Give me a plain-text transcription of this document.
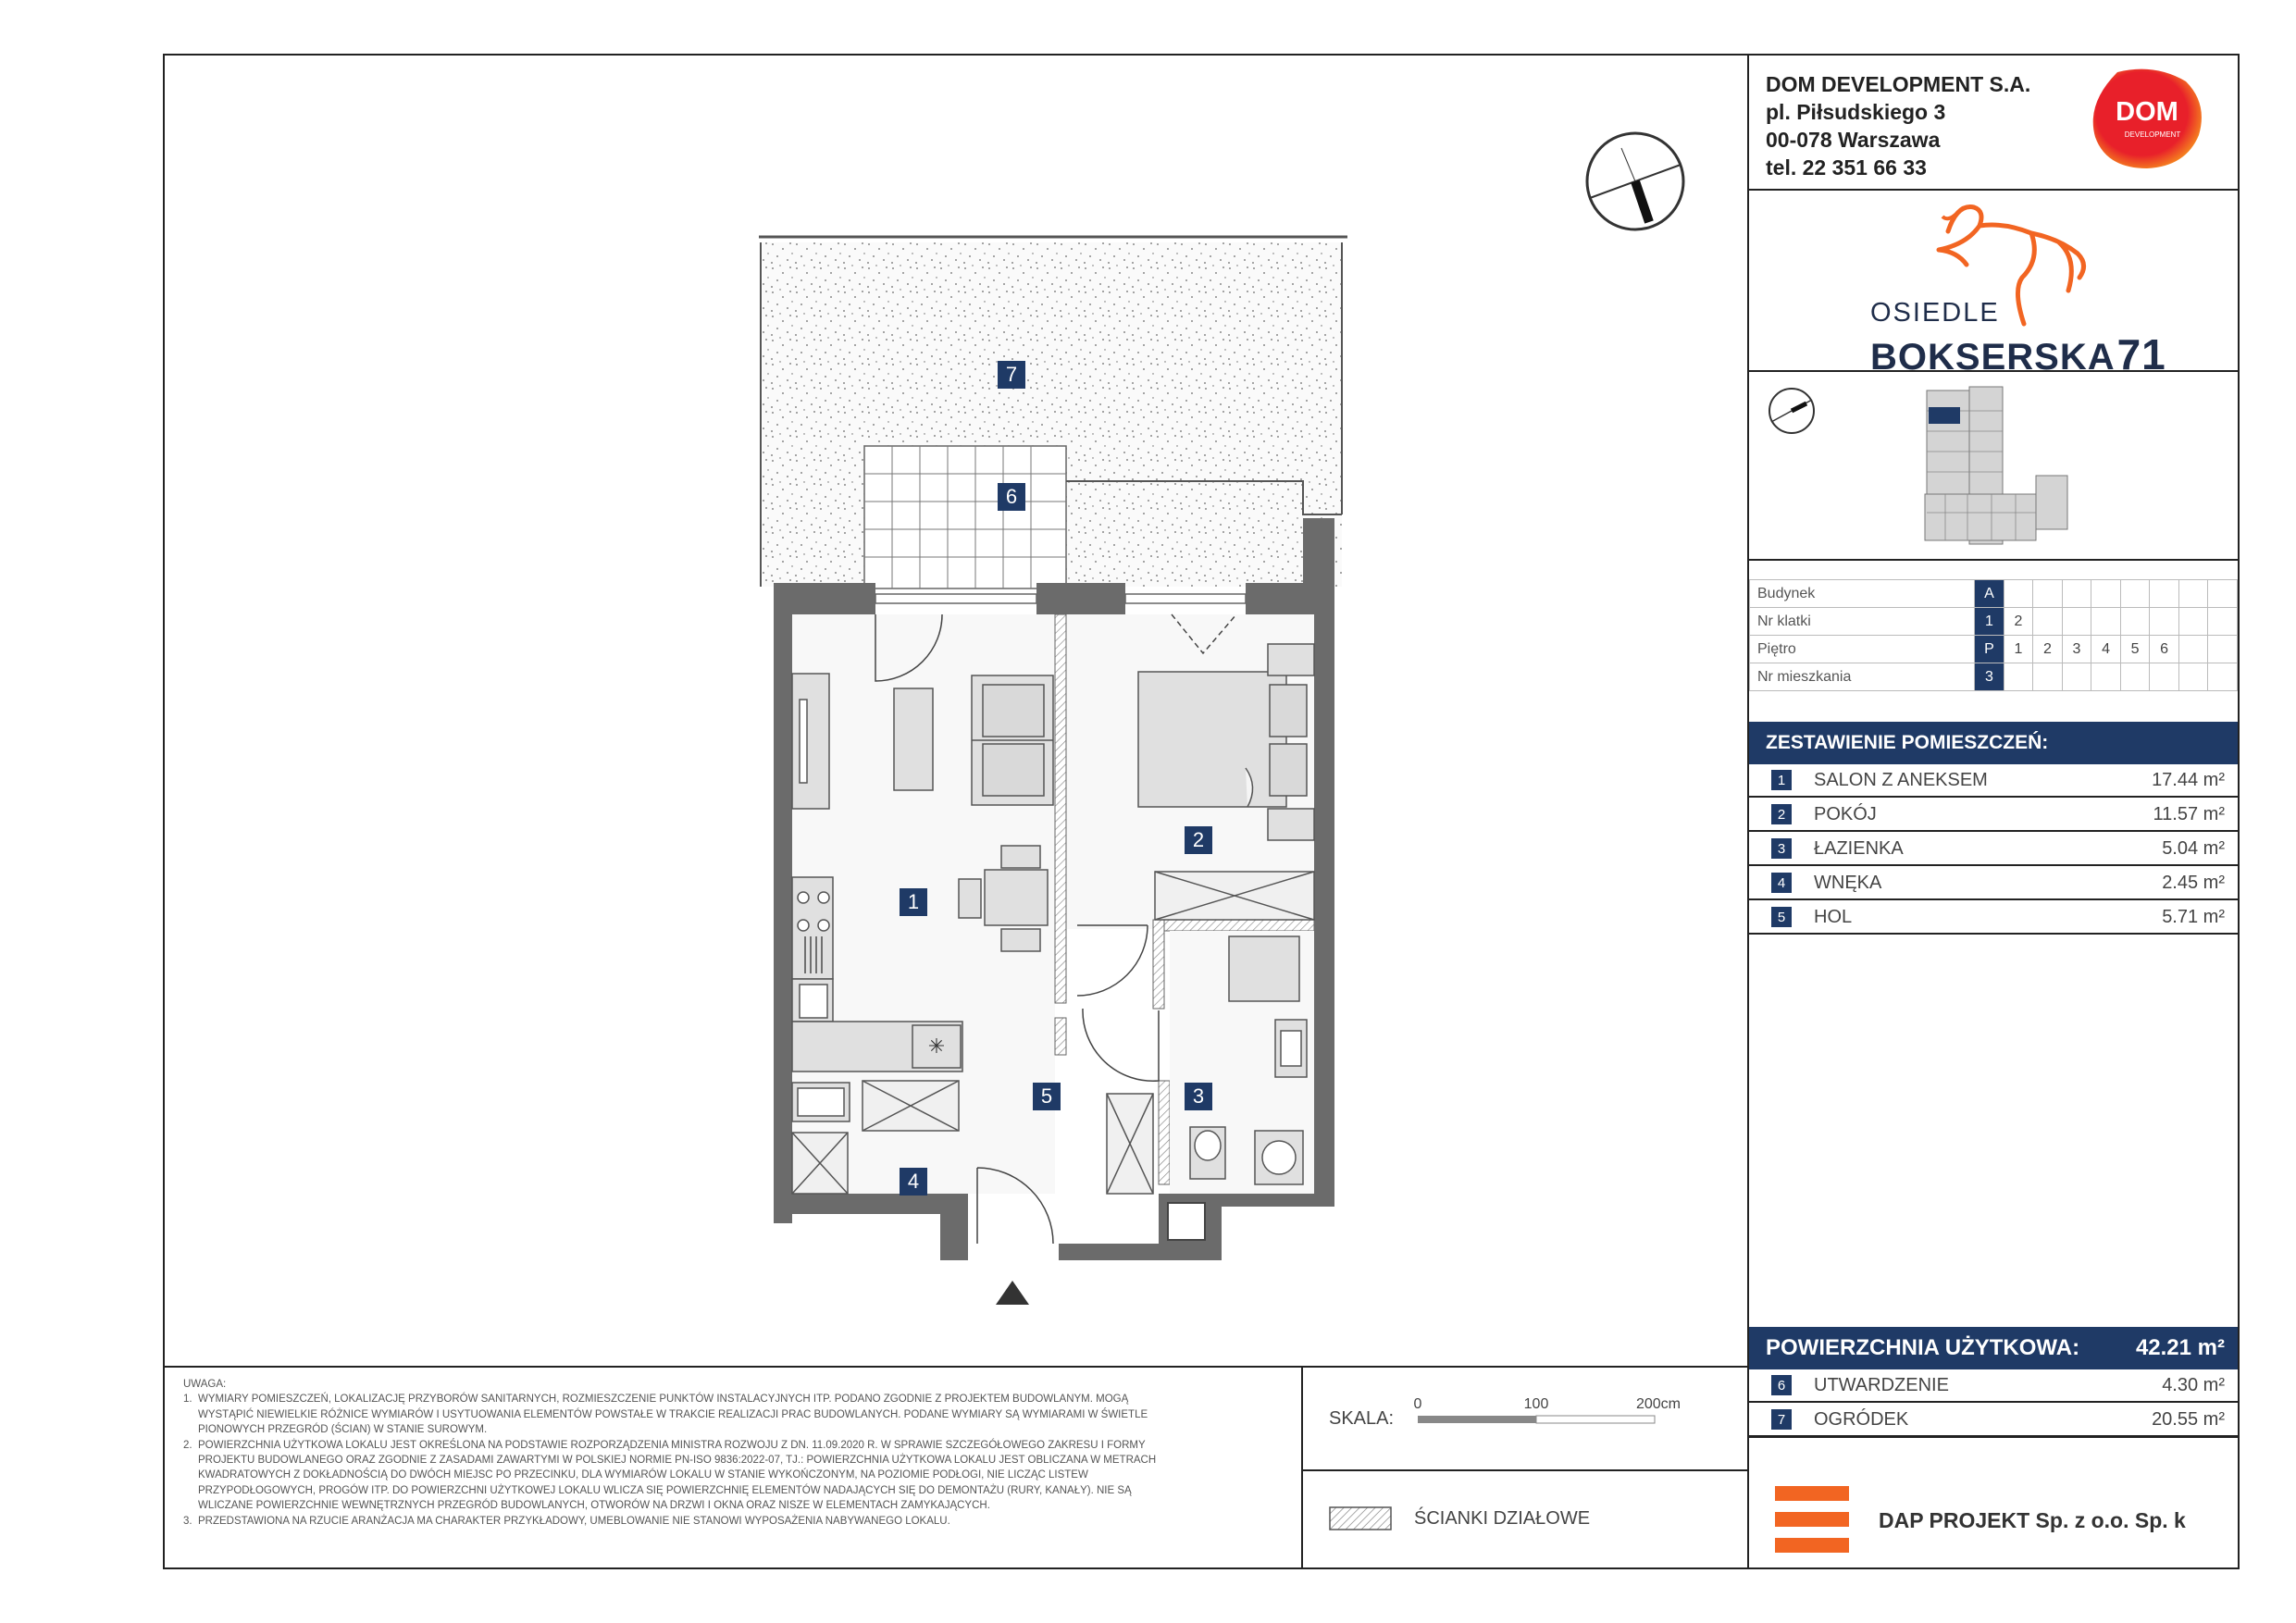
DOM DEVELOPMENT S.A.
pl. Piłsudskiego 3
00-078 Warszawa
tel. 22 351 66 33
DOM
DEVELOPMENT
OSIEDLE
BOKSERSKA71
Budynek	A								
Nr klatki	1	2							
Piętro	P	1	2	3	4	5	6		
Nr mieszkania	3								
ZESTAWIENIE POMIESZCZEŃ:
1	SALON Z ANEKSEM	17.44 m²
2	POKÓJ	11.57 m²
3	ŁAZIENKA	5.04 m²
4	WNĘKA	2.45 m²
5	HOL	5.71 m²
POWIERZCHNIA UŻYTKOWA:	42.21 m²
6	UTWARDZENIE	4.30 m²
7	OGRÓDEK	20.55 m²
DAP PROJEKT Sp. z o.o. Sp. k

UWAGA:

1.  WYMIARY POMIESZCZEŃ, LOKALIZACJĘ PRZYBORÓW SANITARNYCH, ROZMIESZCZENIE PUNKTÓW INSTALACYJNYCH ITP. PODANO ZGODNIE Z PROJEKTEM BUDOWLANYM. MOGĄ

WYSTĄPIĆ NIEWIELKIE RÓŻNICE WYMIARÓW I USYTUOWANIA ELEMENTÓW POWSTAŁE W TRAKCIE REALIZACJI PRAC BUDOWLANYCH. PODANE WYMIARY SĄ WYMIARAMI W ŚWIETLE

PIONOWYCH PRZEGRÓD (ŚCIAN) W STANIE SUROWYM.

2.  POWIERZCHNIA UŻYTKOWA LOKALU JEST OKREŚLONA NA PODSTAWIE ROZPORZĄDZENIA MINISTRA ROZWOJU Z DN. 11.09.2020 R. W SPRAWIE SZCZEGÓŁOWEGO ZAKRESU I FORMY

PROJEKTU BUDOWLANEGO ORAZ ZGODNIE Z ZASADAMI ZAWARTYMI W POLSKIEJ NORMIE PN-ISO 9836:2022-07, TJ.: POWIERZCHNIA UŻYTKOWA LOKALU JEST OBLICZANA W METRACH

KWADRATOWYCH Z DOKŁADNOŚCIĄ DO DWÓCH MIEJSC PO PRZECINKU, DLA WYMIARÓW LOKALU W STANIE WYKOŃCZONYM, NA POZIOMIE PODŁOGI, NIE LICZĄC LISTEW

PRZYPODŁOGOWYCH, PROGÓW ITP. DO POWIERZCHNI UŻYTKOWEJ LOKALU WLICZA SIĘ POWIERZCHNIĘ ELEMENTÓW NADAJĄCYCH SIĘ DO DEMONTAŻU (RURY, KANAŁY). NIE SĄ

WLICZANE POWIERZCHNIE WEWNĘTRZNYCH PRZEGRÓD BUDOWLANYCH, OTWORÓW NA DRZWI I OKNA ORAZ NISZE W ELEMENTACH ZAMYKAJĄCYCH.

3.  PRZEDSTAWIONA NA RZUCIE ARANŻACJA MA CHARAKTER PRZYKŁADOWY, UMEBLOWANIE NIE STANOWI WYPOSAŻENIA NABYWANEGO LOKALU.

SKALA:
0	100	200cm
ŚCIANKI DZIAŁOWE
✳
7
6
1
2
3
4
5
